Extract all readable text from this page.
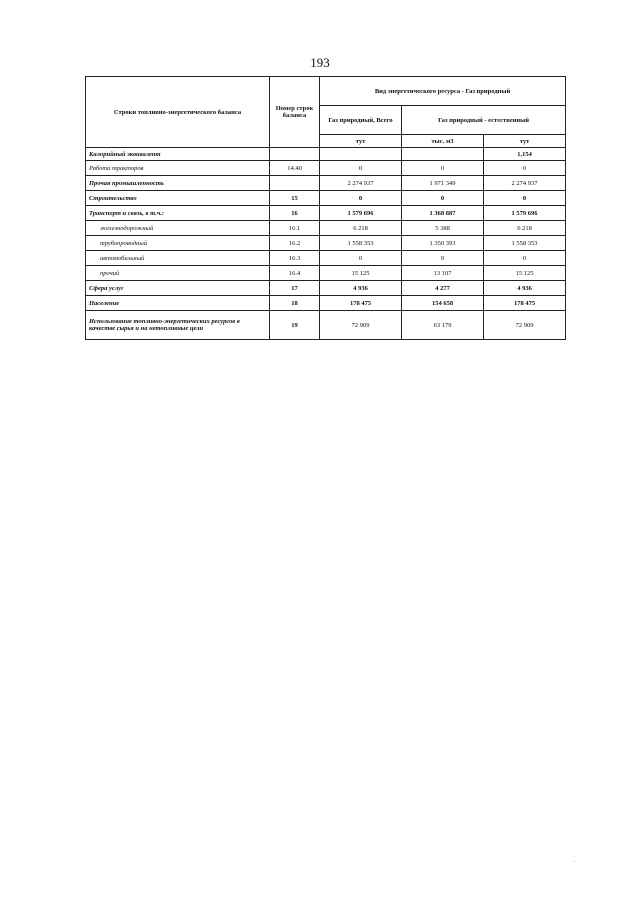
193
Строки топливно-энергетического баланса	Номер строк баланса	Вид энергетического ресурса - Газ природный		
		Газ природный, Всего	Газ природный - естественный	
		тут	тыс. м3	тут
Калорийный эквивалент				1,154
Работа тракторов	14.40	0	0	0
Прочая промышленность		2 274 937	1 971 349	2 274 937
Строительство	15	0	0	0
Транспорт и связь, в т.ч.:	16	1 579 696	1 368 887	1 579 696
железнодорожный	16.1	6 218	5 388	6 218
трубопроводный	16.2	1 558 353	1 350 393	1 558 353
автомобильный	16.3	0	0	0
прочий	16.4	15 125	13 107	15 125
Сфера услуг	17	4 936	4 277	4 936
Население	18	178 475	154 658	178 475
Использование топливно-энергетических ресурсов в качестве сырья и на нетопливные цели	19	72 909	63 179	72 909
.
